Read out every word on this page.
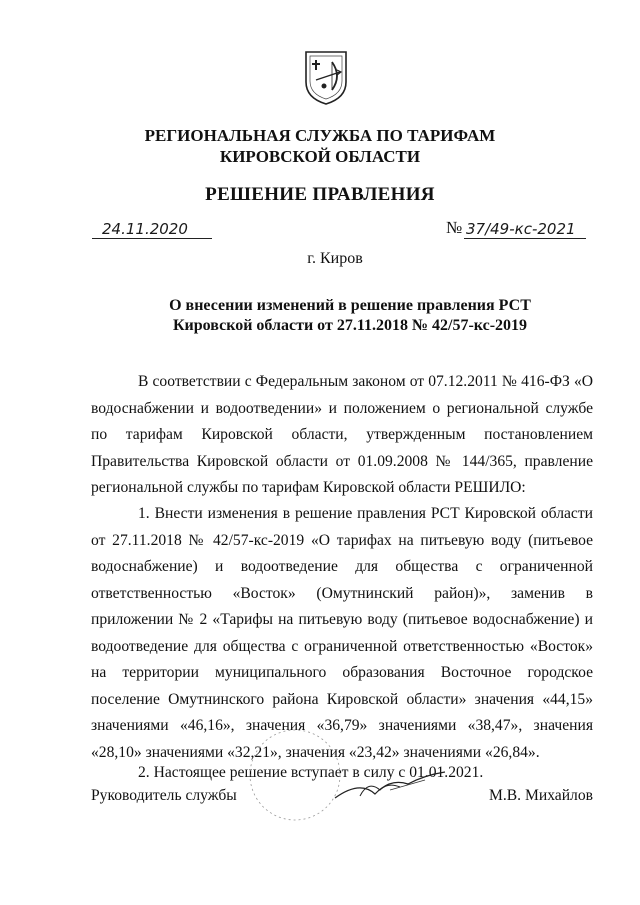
РЕГИОНАЛЬНАЯ СЛУЖБА ПО ТАРИФАМ
КИРОВСКОЙ ОБЛАСТИ
РЕШЕНИЕ ПРАВЛЕНИЯ
24.11.2020	№ 37/49-кс-2021
г. Киров
О внесении изменений в решение правления РСТ
Кировской области от 27.11.2018 № 42/57-кс-2019
В соответствии с Федеральным законом от 07.12.2011 № 416-ФЗ «О водоснабжении и водоотведении» и положением о региональной службе по тарифам Кировской области, утвержденным постановлением Правительства Кировской области от 01.09.2008 № 144/365, правление региональной службы по тарифам Кировской области РЕШИЛО:
1. Внести изменения в решение правления РСТ Кировской области от 27.11.2018 № 42/57-кс-2019 «О тарифах на питьевую воду (питьевое водоснабжение) и водоотведение для общества с ограниченной ответственностью «Восток» (Омутнинский район)», заменив в приложении № 2 «Тарифы на питьевую воду (питьевое водоснабжение) и водоотведение для общества с ограниченной ответственностью «Восток» на территории муниципального образования Восточное городское поселение Омутнинского района Кировской области» значения «44,15» значениями «46,16», значения «36,79» значениями «38,47», значения «28,10» значениями «32,21», значения «23,42» значениями «26,84».
2. Настоящее решение вступает в силу с 01.01.2021.
Руководитель службы	М.В. Михайлов
